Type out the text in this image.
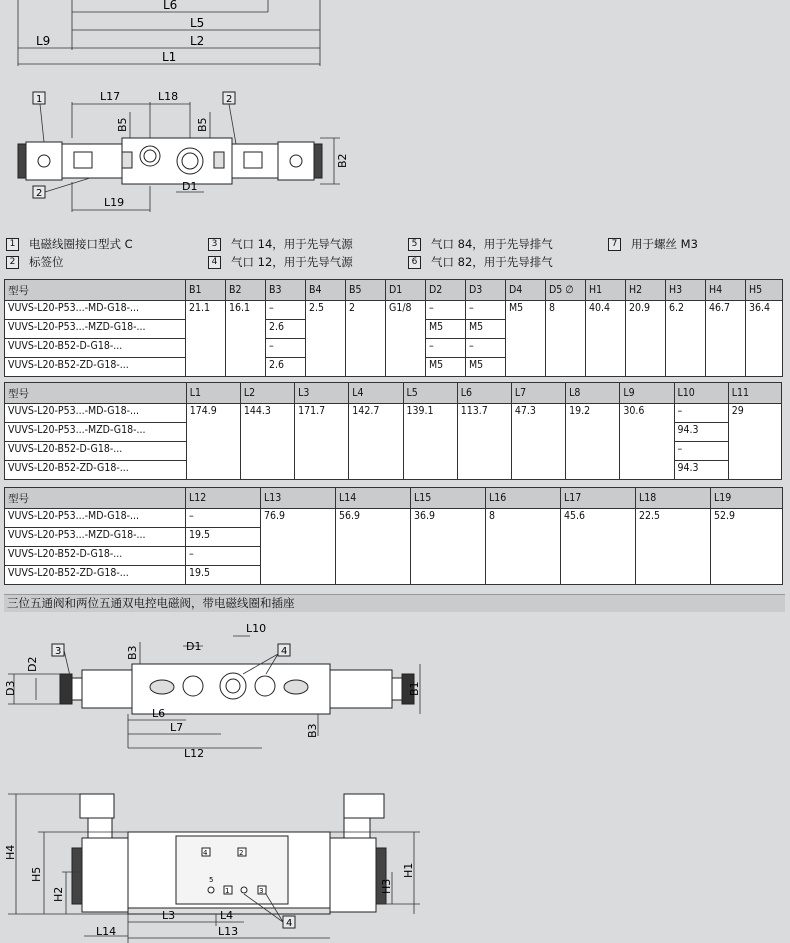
L6
L5
L9	L2
L1
1	2
2
L17	L18
B5	B5
B2
D1
L19
1	电磁线圈接口型式 C	3	气口 14，用于先导气源	5	气口 84，用于先导排气	7	用于螺丝 M3
2	标签位	4	气口 12，用于先导气源	6	气口 82，用于先导排气
型号	B1	B2	B3	B4	B5	D1	D2	D3	D4	D5 ∅	H1	H2	H3	H4	H5
VUVS-L20-P53...-MD-G18-...	21.1	16.1	–	2.5	2	G1/8	–	–	M5	8	40.4	20.9	6.2	46.7	36.4
VUVS-L20-P53...-MZD-G18-...			2.6				M5	M5							
VUVS-L20-B52-D-G18-...			–				–	–							
VUVS-L20-B52-ZD-G18-...			2.6				M5	M5							
型号	L1	L2	L3	L4	L5	L6	L7	L8	L9	L10	L11
VUVS-L20-P53...-MD-G18-...	174.9	144.3	171.7	142.7	139.1	113.7	47.3	19.2	30.6	–	29
VUVS-L20-P53...-MZD-G18-...										94.3	
VUVS-L20-B52-D-G18-...										–	
VUVS-L20-B52-ZD-G18-...										94.3	
型号	L12	L13	L14	L15	L16	L17	L18	L19
VUVS-L20-P53...-MD-G18-...	–	76.9	56.9	36.9	8	45.6	22.5	52.9
VUVS-L20-P53...-MZD-G18-...	19.5							
VUVS-L20-B52-D-G18-...	–							
VUVS-L20-B52-ZD-G18-...	19.5							
三位五通阀和两位五通双电控电磁阀，带电磁线圈和插座
3	4
L10
D1
D2
D3
B3
B3
B1
L6
L7
L12
4	2
5
1	3
4
H4
H5
H2
H3
H1
L3	L4
L14	L13
